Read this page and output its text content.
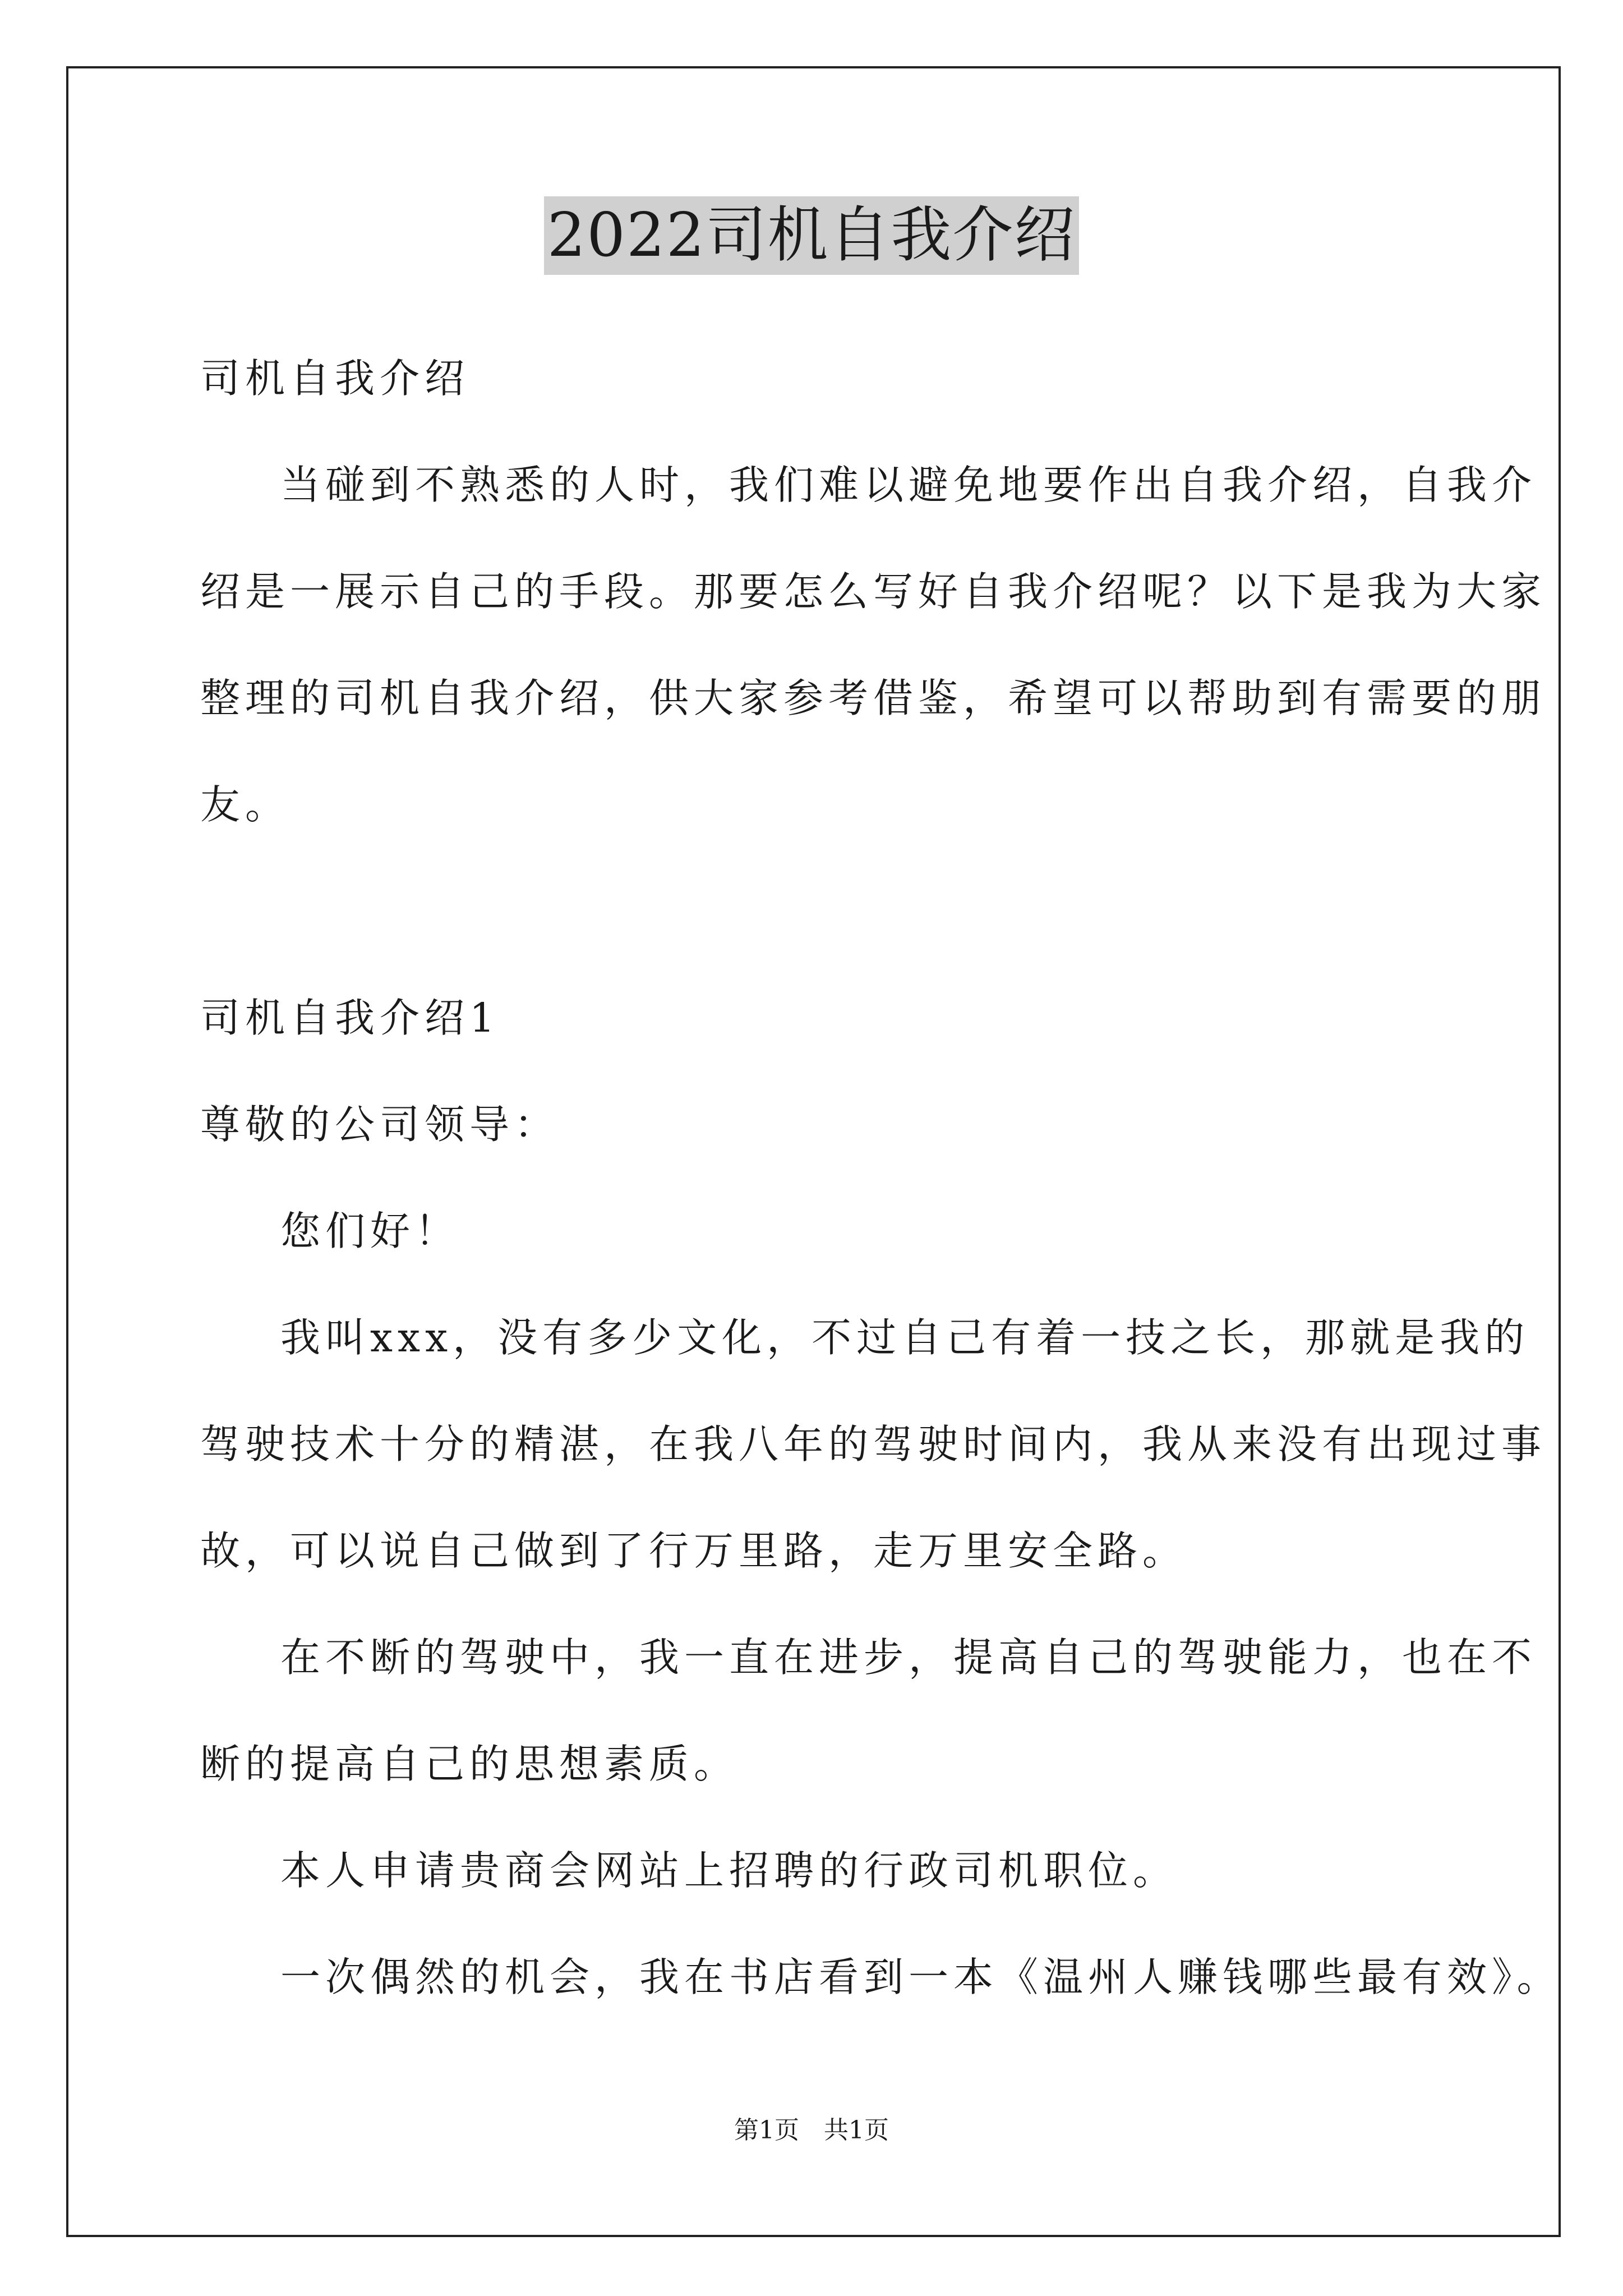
2022司机自我介绍
司机自我介绍
当碰到不熟悉的人时，我们难以避免地要作出自我介绍，自我介
绍是一展示自己的手段。那要怎么写好自我介绍呢？以下是我为大家
整理的司机自我介绍，供大家参考借鉴，希望可以帮助到有需要的朋
友。
司机自我介绍1
尊敬的公司领导：
您们好！
我叫xxx，没有多少文化，不过自己有着一技之长，那就是我的
驾驶技术十分的精湛，在我八年的驾驶时间内，我从来没有出现过事
故，可以说自己做到了行万里路，走万里安全路。
在不断的驾驶中，我一直在进步，提高自己的驾驶能力，也在不
断的提高自己的思想素质。
本人申请贵商会网站上招聘的行政司机职位。
一次偶然的机会，我在书店看到一本《温州人赚钱哪些最有效》。
第1页　共1页
